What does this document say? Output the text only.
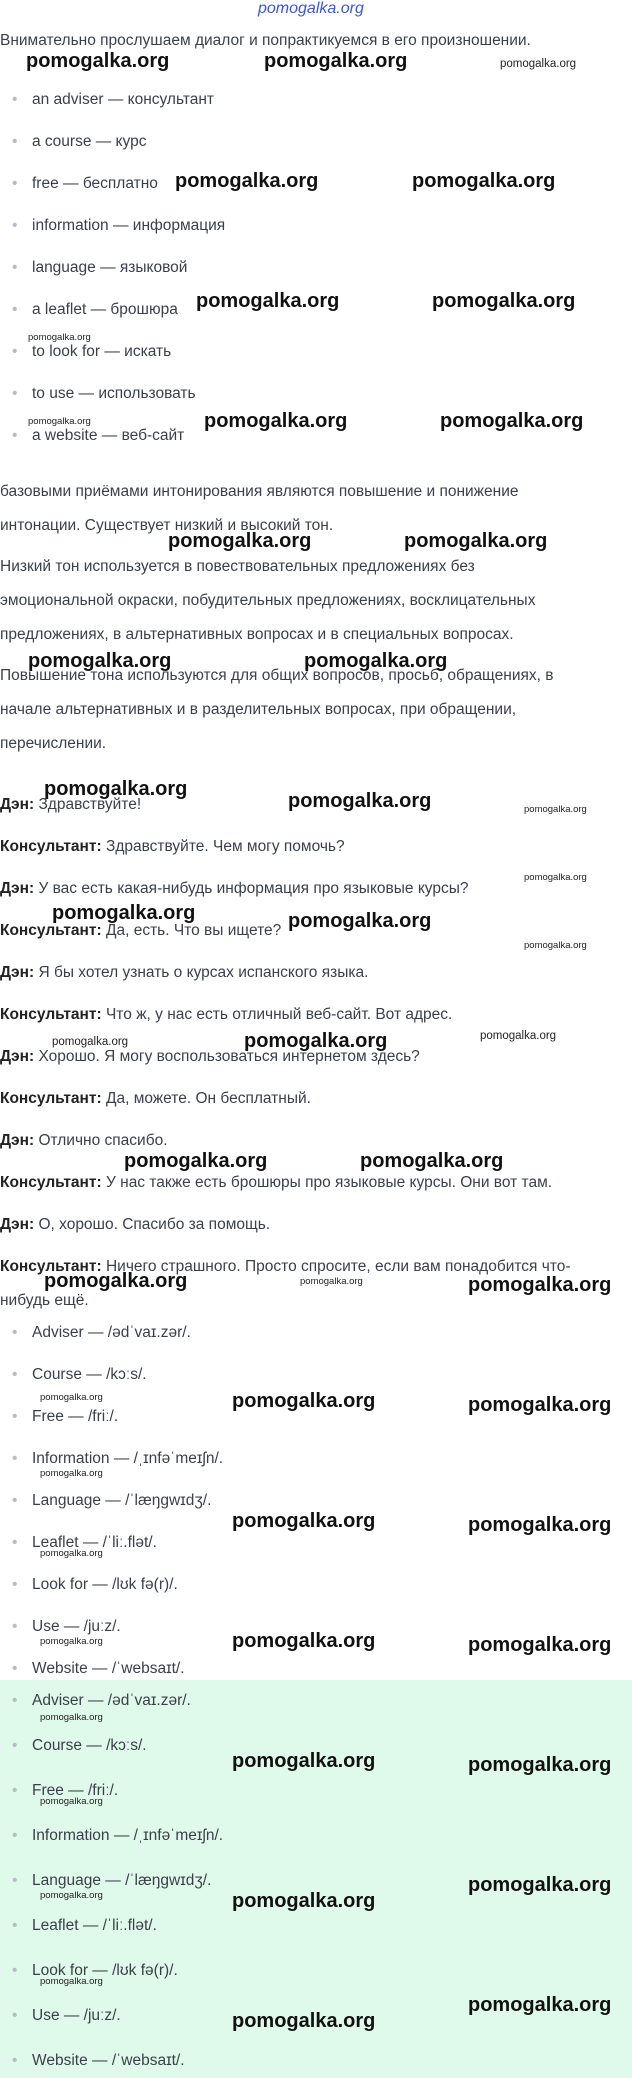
pomogalka.org
Внимательно прослушаем диалог и попрактикуемся в его произношении.
• an adviser — консультант
• a course — курс
• free — бесплатно
• information — информация
• language — языковой
• a leaflet — брошюра
• to look for — искать
• to use — использовать
• a website — веб-сайт
базовыми приёмами интонирования являются повышение и понижение
интонации. Существует низкий и высокий тон.
Низкий тон используется в повествовательных предложениях без
эмоциональной окраски, побудительных предложениях, восклицательных
предложениях, в альтернативных вопросах и в специальных вопросах.
Повышение тона используются для общих вопросов, просьб, обращениях, в
начале альтернативных и в разделительных вопросах, при обращении,
перечислении.
Дэн: Здравствуйте!
Консультант: Здравствуйте. Чем могу помочь?
Дэн: У вас есть какая-нибудь информация про языковые курсы?
Консультант: Да, есть. Что вы ищете?
Дэн: Я бы хотел узнать о курсах испанского языка.
Консультант: Что ж, у нас есть отличный веб-сайт. Вот адрес.
Дэн: Хорошо. Я могу воспользоваться интернетом здесь?
Консультант: Да, можете. Он бесплатный.
Дэн: Отлично спасибо.
Консультант: У нас также есть брошюры про языковые курсы. Они вот там.
Дэн: О, хорошо. Спасибо за помощь.
Консультант: Ничего страшного. Просто спросите, если вам понадобится что-
нибудь ещё.
• Adviser — /ədˈvaɪ.zər/.
• Course — /kɔːs/.
• Free — /friː/.
• Information — /ˌɪnfəˈmeɪʃn/.
• Language — /ˈlæŋɡwɪdʒ/.
• Leaflet — /ˈliː.flət/.
• Look for — /lʊk fə(r)/.
• Use — /juːz/.
• Website — /ˈwebsaɪt/.
• Adviser — /ədˈvaɪ.zər/.
• Course — /kɔːs/.
• Free — /friː/.
• Information — /ˌɪnfəˈmeɪʃn/.
• Language — /ˈlæŋɡwɪdʒ/.
• Leaflet — /ˈliː.flət/.
• Look for — /lʊk fə(r)/.
• Use — /juːz/.
• Website — /ˈwebsaɪt/.
pomogalka.org	pomogalka.org	pomogalka.org
pomogalka.org	pomogalka.org
pomogalka.org	pomogalka.org
pomogalka.org
pomogalka.org	pomogalka.org
pomogalka.org
pomogalka.org	pomogalka.org
pomogalka.org	pomogalka.org
pomogalka.org
pomogalka.org	pomogalka.org
pomogalka.org
pomogalka.org	pomogalka.org
pomogalka.org
pomogalka.org	pomogalka.org	pomogalka.org
pomogalka.org	pomogalka.org
pomogalka.org	pomogalka.org	pomogalka.org
pomogalka.org	pomogalka.org	pomogalka.org
pomogalka.org
pomogalka.org	pomogalka.org
pomogalka.org
pomogalka.org	pomogalka.org	pomogalka.org
pomogalka.org
pomogalka.org	pomogalka.org
pomogalka.org
pomogalka.org	pomogalka.org
pomogalka.org
pomogalka.org
pomogalka.org
pomogalka.org
